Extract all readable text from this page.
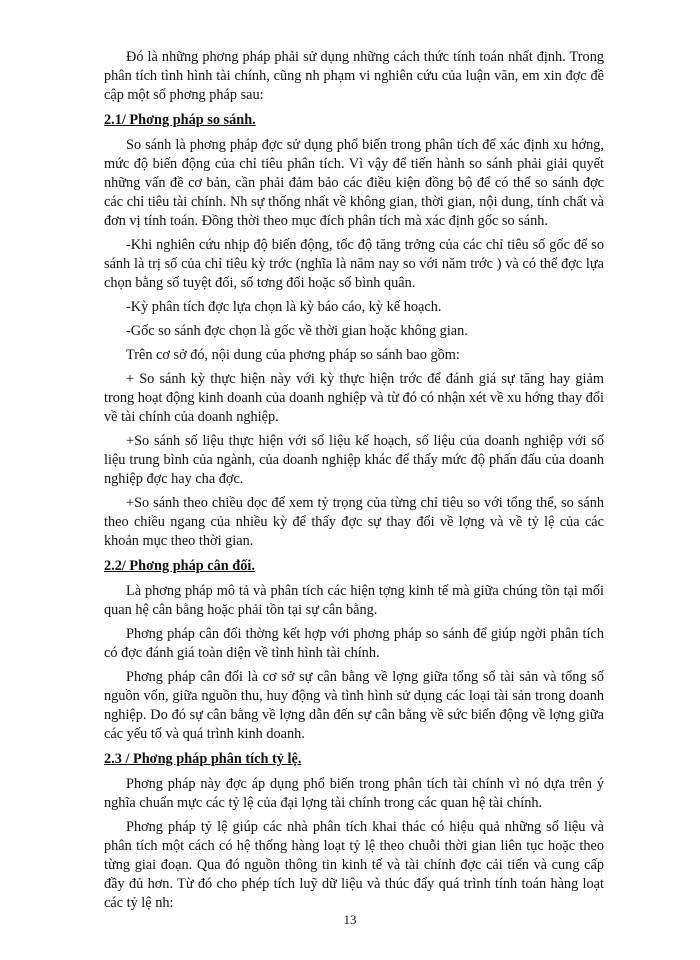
Đó là những phơng pháp phải sử dụng những cách thức tính toán nhất định. Trong phân tích tình hình tài chính, cũng nh phạm vi nghiên cứu của luận văn, em xin đợc đề cập một số phơng pháp sau:

2.1/ Phơng pháp so sánh.

So sánh là phơng pháp đợc sử dụng phổ biến trong phân tích để xác định xu hớng, mức độ biến động của chỉ tiêu phân tích. Vì vậy để tiến hành so sánh phải giải quyết những vấn đề cơ bản, cần phải đảm bảo các điều kiện đồng bộ để có thể so sánh đợc các chỉ tiêu tài chính. Nh sự thống nhất về không gian, thời gian, nội dung, tính chất và đơn vị tính toán. Đồng thời theo mục đích phân tích mà xác định gốc so sánh.

-Khi nghiên cứu nhịp độ biến động, tốc độ tăng trởng của các chỉ tiêu số gốc để so sánh là trị số của chỉ tiêu kỳ trớc (nghĩa là năm nay so với năm trớc ) và có thể đợc lựa chọn bằng số tuyệt đối, số tơng đối hoặc số bình quân.

-Kỳ phân tích đợc lựa chọn là kỳ báo cáo, kỳ kế hoạch.

-Gốc so sánh đợc chọn là gốc về thời gian hoặc không gian.

Trên cơ sở đó, nội dung của phơng pháp so sánh bao gồm:

+ So sánh kỳ thực hiện này với kỳ thực hiện trớc để đánh giá sự tăng hay giảm trong hoạt động kinh doanh của doanh nghiệp và từ đó có nhận xét về xu hớng thay đổi về tài chính của doanh nghiệp.

+So sánh số liệu thực hiện với số liệu kế hoạch, số liệu của doanh nghiệp với số liệu trung bình của ngành, của doanh nghiệp khác để thấy mức độ phấn đấu của doanh nghiệp đợc hay cha đợc.

+So sánh theo chiều dọc để xem tỷ trọng của từng chỉ tiêu so với tổng thể, so sánh theo chiều ngang của nhiều kỳ để thấy đợc sự thay đổi về lợng và về tỷ lệ của các khoản mục theo thời gian.

2.2/ Phơng pháp cân đối.

Là phơng pháp mô tả và phân tích các hiện tợng kinh tế mà giữa chúng tồn tại mối quan hệ cân bằng hoặc phải tồn tại sự cân bằng.

Phơng pháp cân đối thờng kết hợp với phơng pháp so sánh để giúp ngời phân tích có đợc đánh giá toàn diện về tình hình tài chính.

Phơng pháp cân đối là cơ sở sự cân bằng về lợng giữa tổng số tài sản và tổng số nguồn vốn, giữa nguồn thu, huy động và tình hình sử dụng các loại tài sản trong doanh nghiệp. Do đó sự cân bằng về lợng dẫn đến sự cân bằng về sức biến động về lợng giữa các yếu tố và quá trình kinh doanh.

2.3 / Phơng pháp phân tích tỷ lệ.

Phơng pháp này đợc áp dụng phổ biến trong phân tích tài chính vì nó dựa trên ý nghĩa chuẩn mực các tỷ lệ của đại lợng tài chính trong các quan hệ tài chính.

Phơng pháp tỷ lệ giúp các nhà phân tích khai thác có hiệu quả những số liệu và phân tích một cách có hệ thống hàng loạt tỷ lệ theo chuỗi thời gian liên tục hoặc theo từng giai đoạn. Qua đó nguồn thông tin kinh tế và tài chính đợc cải tiến và cung cấp đầy đủ hơn. Từ đó cho phép tích luỹ dữ liệu và thúc đẩy quá trình tính toán hàng loạt các tỷ lệ nh:

13
